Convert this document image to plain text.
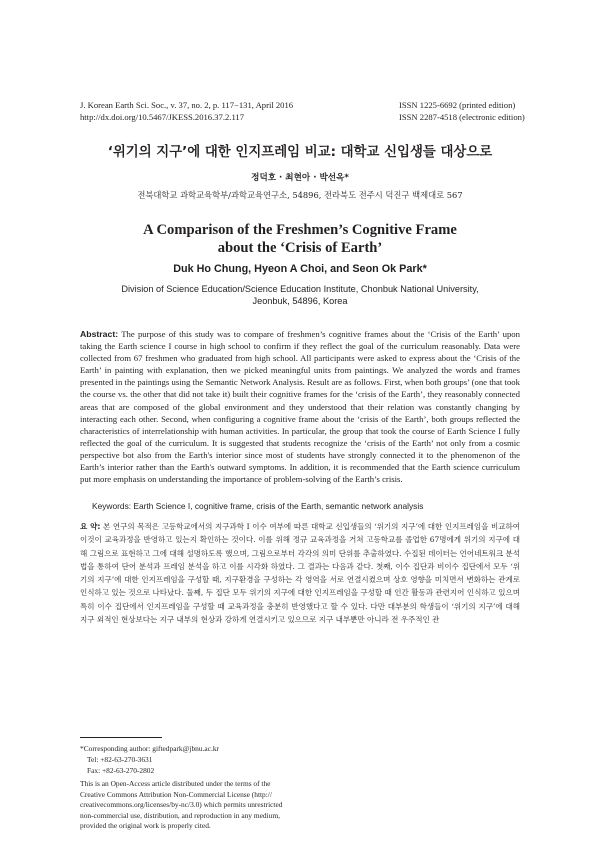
J. Korean Earth Sci. Soc., v. 37, no. 2, p. 117−131, April 2016
http://dx.doi.org/10.5467/JKESS.2016.37.2.117
ISSN 1225-6692 (printed edition)
ISSN 2287-4518 (electronic edition)
‘위기의 지구’에 대한 인지프레임 비교: 대학교 신입생들 대상으로
정덕호 · 최현아 · 박선옥*
전북대학교 과학교육학부/과학교육연구소, 54896, 전라북도 전주시 덕진구 백제대로 567
A Comparison of the Freshmen’s Cognitive Frame
about the ‘Crisis of Earth’
Duk Ho Chung, Hyeon A Choi, and Seon Ok Park*
Division of Science Education/Science Education Institute, Chonbuk National University,
Jeonbuk, 54896, Korea
Abstract: The purpose of this study was to compare of freshmen’s cognitive frames about the ‘Crisis of the Earth’ upon taking the Earth science I course in high school to confirm if they reflect the goal of the curriculum reasonably. Data were collected from 67 freshmen who graduated from high school. All participants were asked to express about the ‘Crisis of the Earth’ in painting with explanation, then we picked meaningful units from paintings. We analyzed the words and frames presented in the paintings using the Semantic Network Analysis. Result are as follows. First, when both groups’ (one that took the course vs. the other that did not take it) built their cognitive frames for the ‘crisis of the Earth’, they reasonably connected areas that are composed of the global environment and they understood that their relation was constantly changing by interacting each other. Second, when configuring a cognitive frame about the ‘crisis of the Earth’, both groups reflected the characteristics of interrelationship with human activities. In particular, the group that took the course of Earth Science I fully reflected the goal of the curriculum. It is suggested that students recognize the ‘crisis of the Earth’ not only from a cosmic perspective bot also from the Earth's interior since most of students have strongly connected it to the phenomenon of the Earth’s interior rather than the Earth's outward symptoms. In addition, it is recommended that the Earth science curriculum put more emphasis on understanding the importance of problem-solving of the Earth’s crisis.
Keywords: Earth Science I, cognitive frame, crisis of the Earth, semantic network analysis
요 약: 본 연구의 목적은 고등학교에서의 지구과학 I 이수 여부에 따른 대학교 신입생들의 ‘위기의 지구’에 대한 인지프레임을 비교하여 이것이 교육과정을 반영하고 있는지 확인하는 것이다. 이를 위해 정규 교육과정을 거쳐 고등학교를 졸업한 67명에게 위기의 지구에 대해 그림으로 표현하고 그에 대해 설명하도록 했으며, 그림으로부터 각각의 의미 단위를 추출하였다. 수집된 데이터는 언어네트워크 분석법을 통하여 단어 분석과 프레임 분석을 하고 이를 시각화 하였다. 그 결과는 다음과 같다. 첫째, 이수 집단과 비이수 집단에서 모두 ‘위기의 지구’에 대한 인지프레임을 구성할 때, 지구환경을 구성하는 각 영역을 서로 연결시켰으며 상호 영향을 미치면서 변화하는 관계로 인식하고 있는 것으로 나타났다. 둘째, 두 집단 모두 위기의 지구에 대한 인지프레임을 구성할 때 인간 활동과 관련지어 인식하고 있으며 특히 이수 집단에서 인지프레임을 구성할 때 교육과정을 충분히 반영했다고 할 수 있다. 다만 대부분의 학생들이 ‘위기의 지구’에 대해 지구 외적인 현상보다는 지구 내부의 현상과 강하게 연결시키고 있으므로 지구 내부뿐만 아니라 전 우주적인 관
*Corresponding author: giftedpark@jbnu.ac.kr
Tel: +82-63-270-3631
Fax: +82-63-270-2802
This is an Open-Access article distributed under the terms of the
Creative Commons Attribution Non-Commercial License (http://
creativecommons.org/licenses/by-nc/3.0) which permits unrestricted
non-commercial use, distribution, and reproduction in any medium,
provided the original work is properly cited.
